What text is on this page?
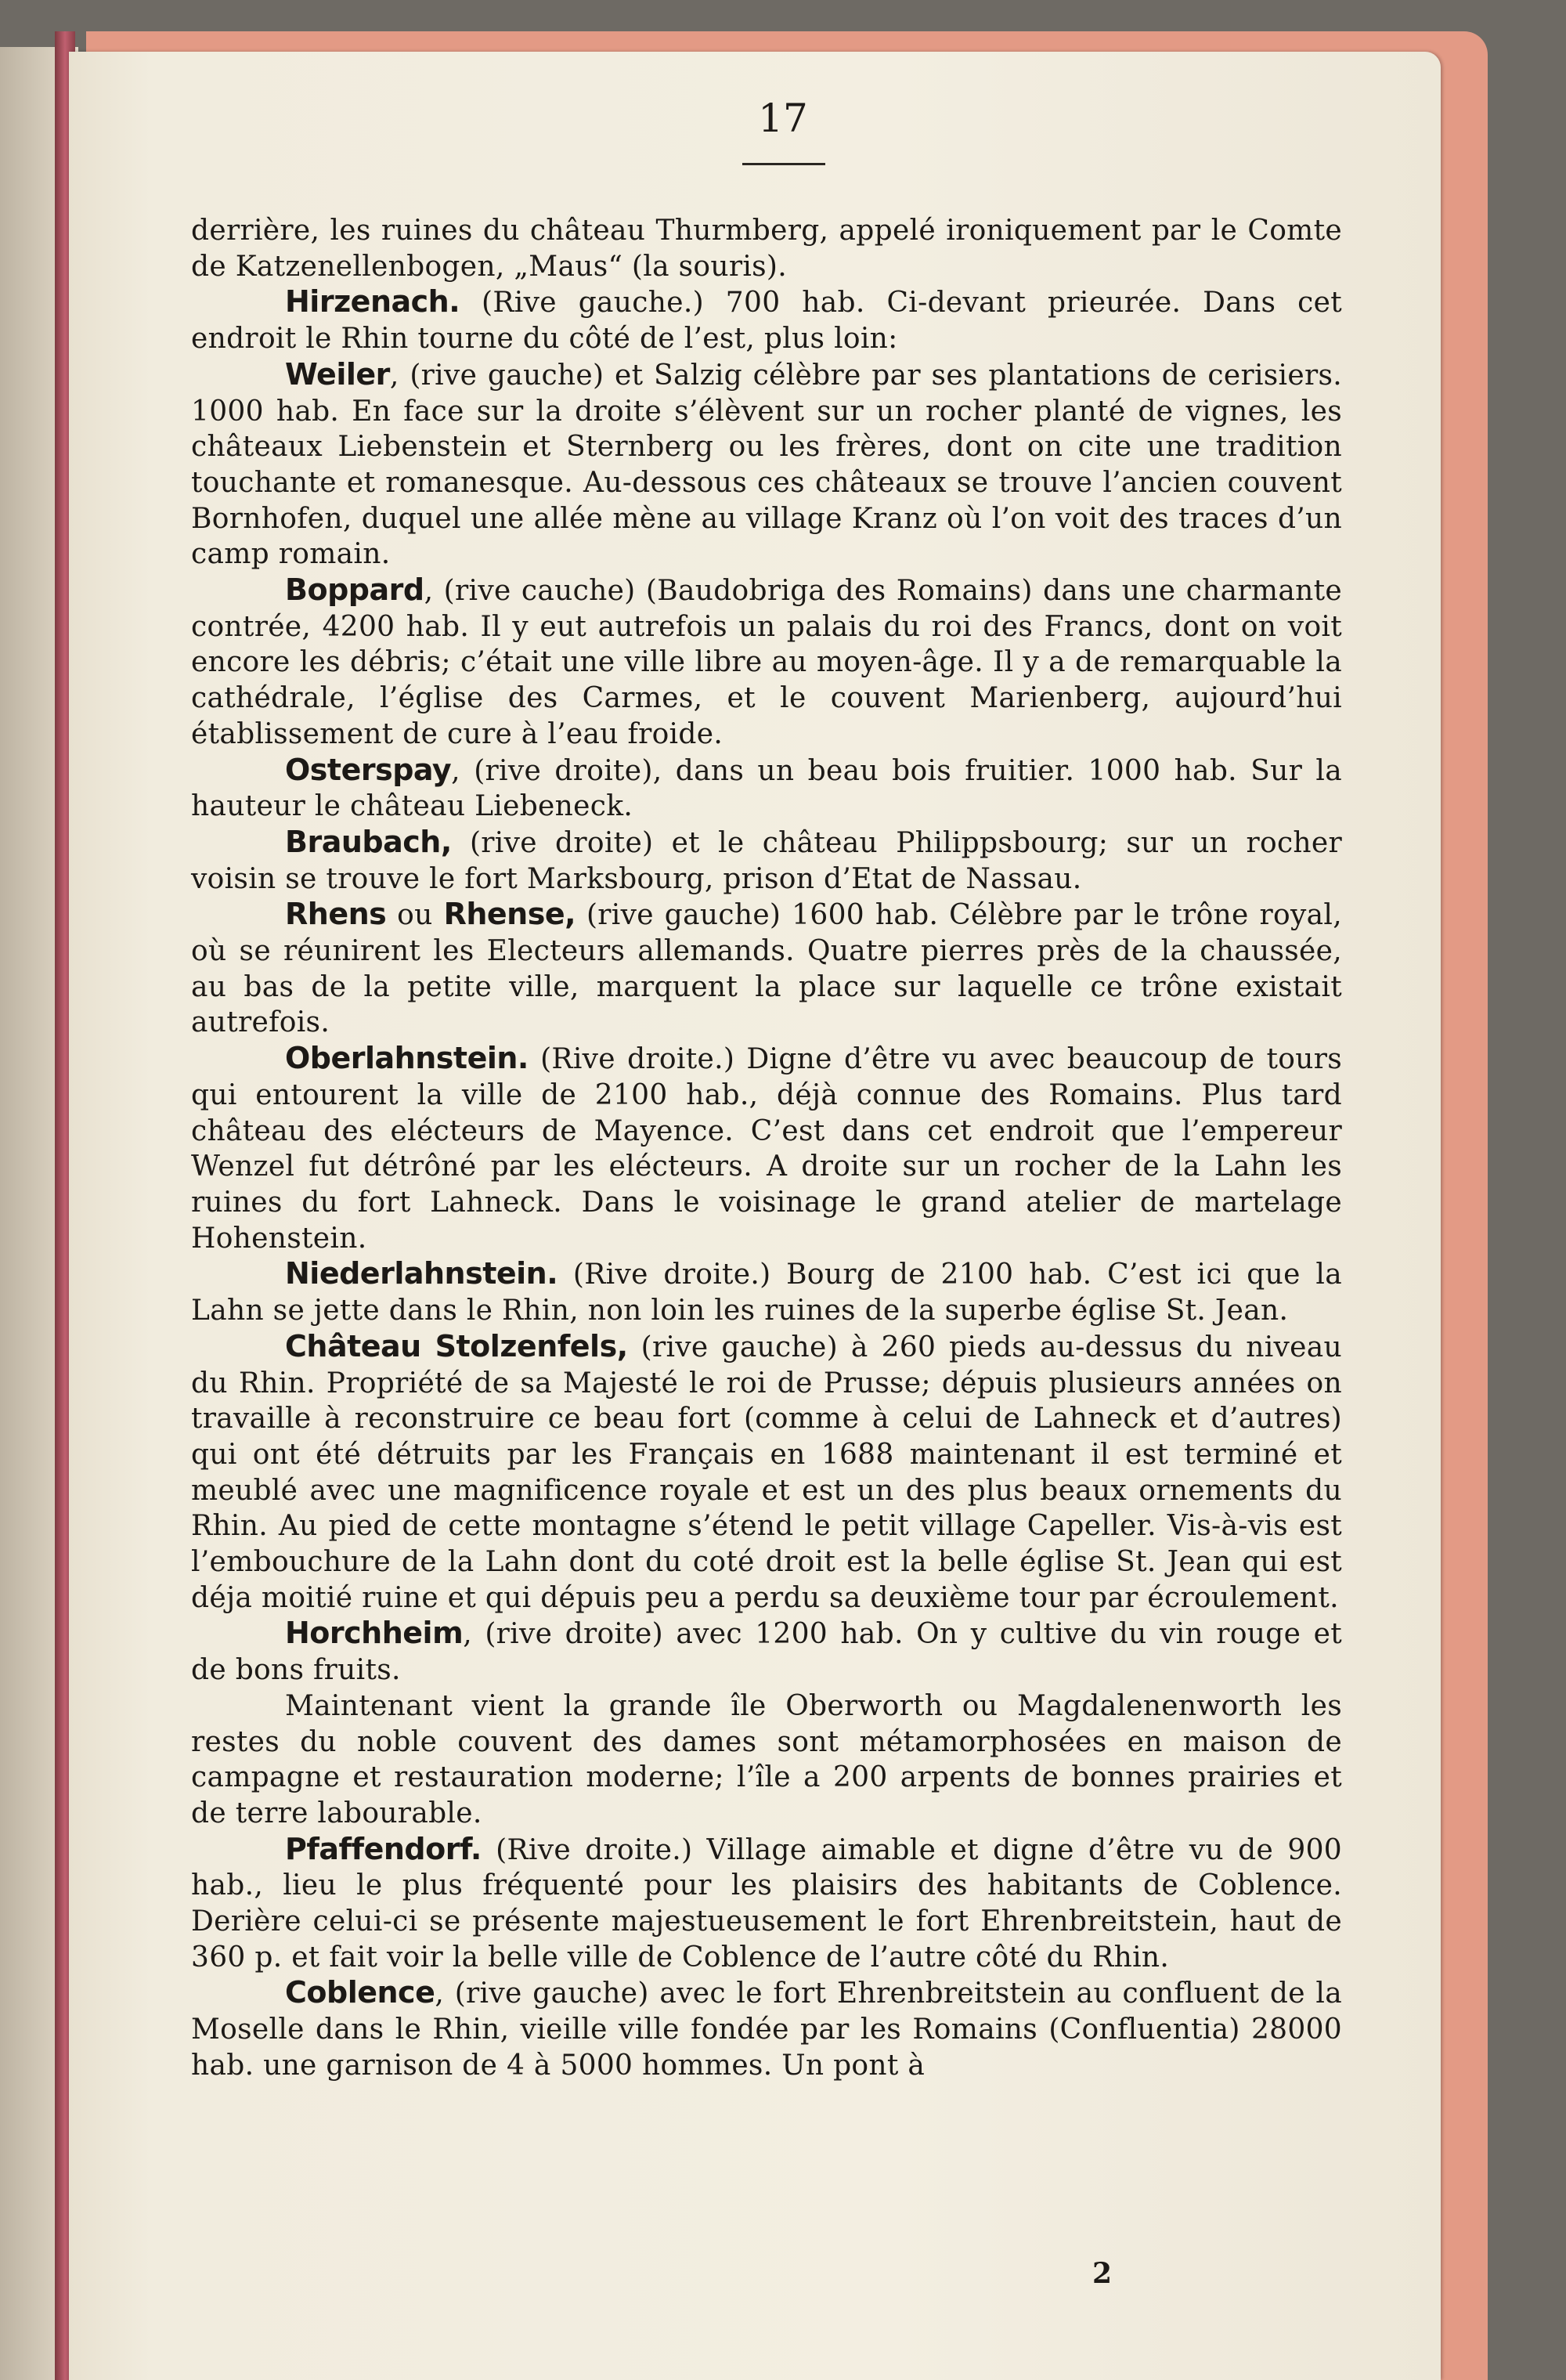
17

derrière, les ruines du château Thurmberg, appelé ironiquement par le Comte de Katzenellenbogen, „Maus“ (la souris).

Hirzenach. (Rive gauche.) 700 hab. Ci-devant prieurée. Dans cet endroit le Rhin tourne du côté de l’est, plus loin:

Weiler, (rive gauche) et Salzig célèbre par ses plantations de cerisiers. 1000 hab. En face sur la droite s’élèvent sur un rocher planté de vignes, les châteaux Liebenstein et Sternberg ou les frères, dont on cite une tradition touchante et romanesque. Au-dessous ces châteaux se trouve l’ancien couvent Bornhofen, duquel une allée mène au village Kranz où l’on voit des traces d’un camp romain.

Boppard, (rive cauche) (Baudobriga des Romains) dans une charmante contrée, 4200 hab. Il y eut autrefois un palais du roi des Francs, dont on voit encore les débris; c’était une ville libre au moyen-âge. Il y a de remarquable la cathédrale, l’église des Carmes, et le couvent Marienberg, aujourd’hui établissement de cure à l’eau froide.

Osterspay, (rive droite), dans un beau bois fruitier. 1000 hab. Sur la hauteur le château Liebeneck.

Braubach, (rive droite) et le château Philippsbourg; sur un rocher voisin se trouve le fort Marksbourg, prison d’Etat de Nassau.

Rhens ou Rhense, (rive gauche) 1600 hab. Célèbre par le trône royal, où se réunirent les Electeurs allemands. Quatre pierres près de la chaussée, au bas de la petite ville, marquent la place sur laquelle ce trône existait autrefois.

Oberlahnstein. (Rive droite.) Digne d’être vu avec beaucoup de tours qui entourent la ville de 2100 hab., déjà connue des Romains. Plus tard château des elécteurs de Mayence. C’est dans cet endroit que l’empereur Wenzel fut détrôné par les elécteurs. A droite sur un rocher de la Lahn les ruines du fort Lahneck. Dans le voisinage le grand atelier de martelage Hohenstein.

Niederlahnstein. (Rive droite.) Bourg de 2100 hab. C’est ici que la Lahn se jette dans le Rhin, non loin les ruines de la superbe église St. Jean.

Château Stolzenfels, (rive gauche) à 260 pieds au-dessus du niveau du Rhin. Propriété de sa Majesté le roi de Prusse; dépuis plusieurs années on travaille à reconstruire ce beau fort (comme à celui de Lahneck et d’autres) qui ont été détruits par les Français en 1688 maintenant il est terminé et meublé avec une magnificence royale et est un des plus beaux ornements du Rhin. Au pied de cette montagne s’étend le petit village Capeller. Vis-à-vis est l’embouchure de la Lahn dont du coté droit est la belle église St. Jean qui est déja moitié ruine et qui dépuis peu a perdu sa deuxième tour par écroulement.

Horchheim, (rive droite) avec 1200 hab. On y cultive du vin rouge et de bons fruits.

Maintenant vient la grande île Oberworth ou Magdalenenworth les restes du noble couvent des dames sont métamorphosées en maison de campagne et restauration moderne; l’île a 200 arpents de bonnes prairies et de terre labourable.

Pfaffendorf. (Rive droite.) Village aimable et digne d’être vu de 900 hab., lieu le plus fréquenté pour les plaisirs des habitants de Coblence. Derière celui-ci se présente majestueusement le fort Ehrenbreitstein, haut de 360 p. et fait voir la belle ville de Coblence de l’autre côté du Rhin.

Coblence, (rive gauche) avec le fort Ehrenbreitstein au confluent de la Moselle dans le Rhin, vieille ville fondée par les Romains (Confluentia) 28000 hab. une garnison de 4 à 5000 hommes. Un pont à

2
